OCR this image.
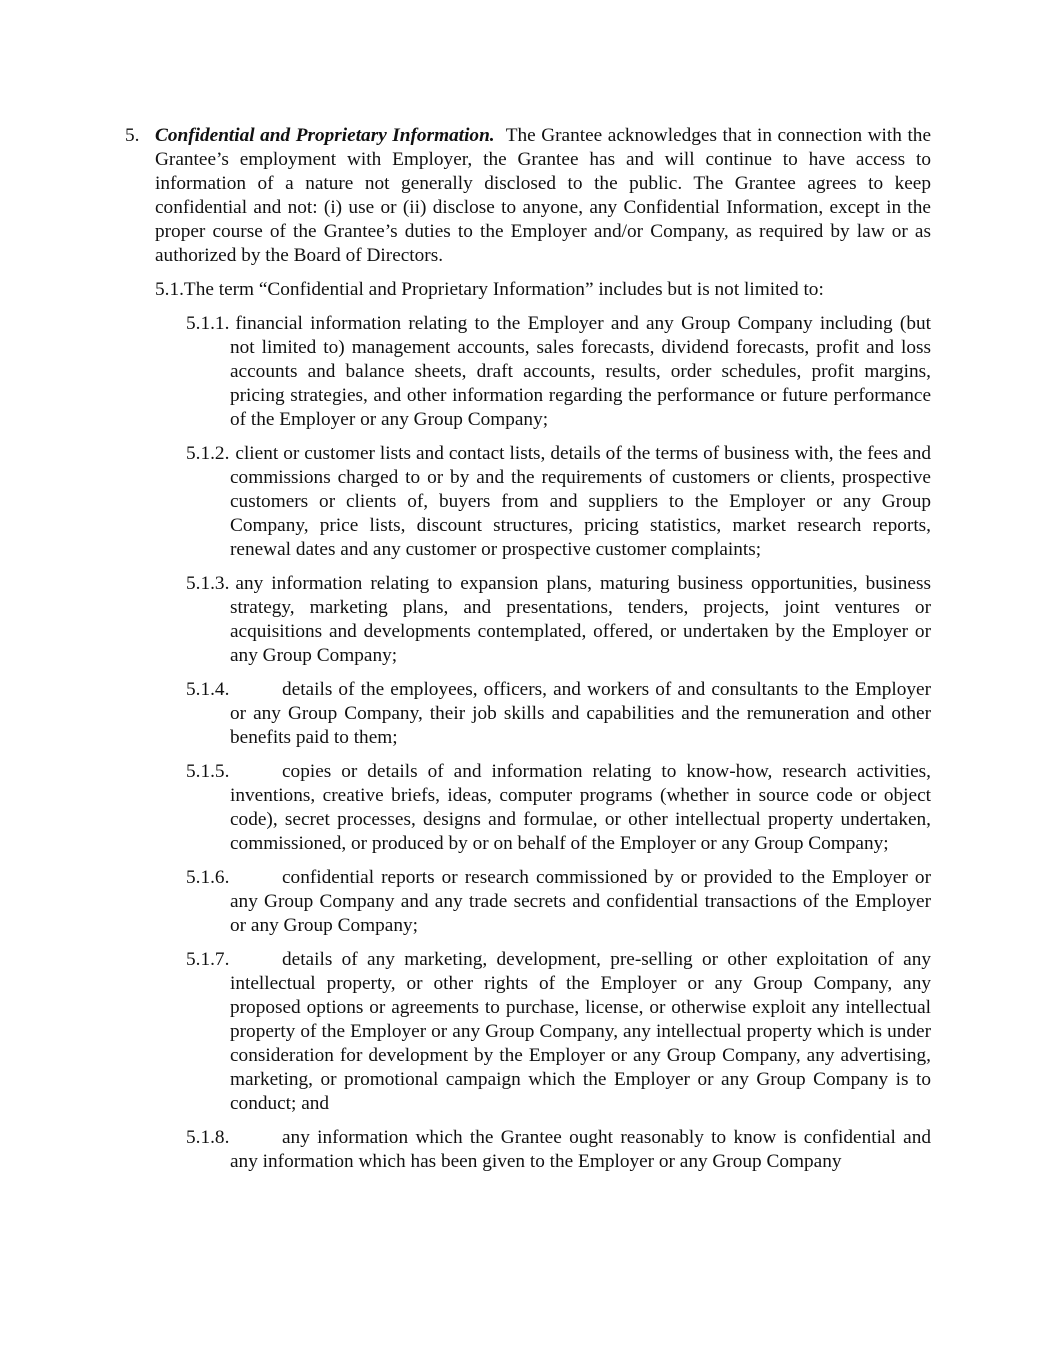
5. Confidential and Proprietary Information. The Grantee acknowledges that in connection with the Grantee’s employment with Employer, the Grantee has and will continue to have access to information of a nature not generally disclosed to the public. The Grantee agrees to keep confidential and not: (i) use or (ii) disclose to anyone, any Confidential Information, except in the proper course of the Grantee’s duties to the Employer and/or Company, as required by law or as authorized by the Board of Directors.
5.1.The term “Confidential and Proprietary Information” includes but is not limited to:
5.1.1. financial information relating to the Employer and any Group Company including (but not limited to) management accounts, sales forecasts, dividend forecasts, profit and loss accounts and balance sheets, draft accounts, results, order schedules, profit margins, pricing strategies, and other information regarding the performance or future performance of the Employer or any Group Company;
5.1.2. client or customer lists and contact lists, details of the terms of business with, the fees and commissions charged to or by and the requirements of customers or clients, prospective customers or clients of, buyers from and suppliers to the Employer or any Group Company, price lists, discount structures, pricing statistics, market research reports, renewal dates and any customer or prospective customer complaints;
5.1.3. any information relating to expansion plans, maturing business opportunities, business strategy, marketing plans, and presentations, tenders, projects, joint ventures or acquisitions and developments contemplated, offered, or undertaken by the Employer or any Group Company;
5.1.4.	details of the employees, officers, and workers of and consultants to the Employer or any Group Company, their job skills and capabilities and the remuneration and other benefits paid to them;
5.1.5.	copies or details of and information relating to know-how, research activities, inventions, creative briefs, ideas, computer programs (whether in source code or object code), secret processes, designs and formulae, or other intellectual property undertaken, commissioned, or produced by or on behalf of the Employer or any Group Company;
5.1.6.	confidential reports or research commissioned by or provided to the Employer or any Group Company and any trade secrets and confidential transactions of the Employer or any Group Company;
5.1.7.	details of any marketing, development, pre-selling or other exploitation of any intellectual property, or other rights of the Employer or any Group Company, any proposed options or agreements to purchase, license, or otherwise exploit any intellectual property of the Employer or any Group Company, any intellectual property which is under consideration for development by the Employer or any Group Company, any advertising, marketing, or promotional campaign which the Employer or any Group Company is to conduct; and
5.1.8.	any information which the Grantee ought reasonably to know is confidential and any information which has been given to the Employer or any Group Company
